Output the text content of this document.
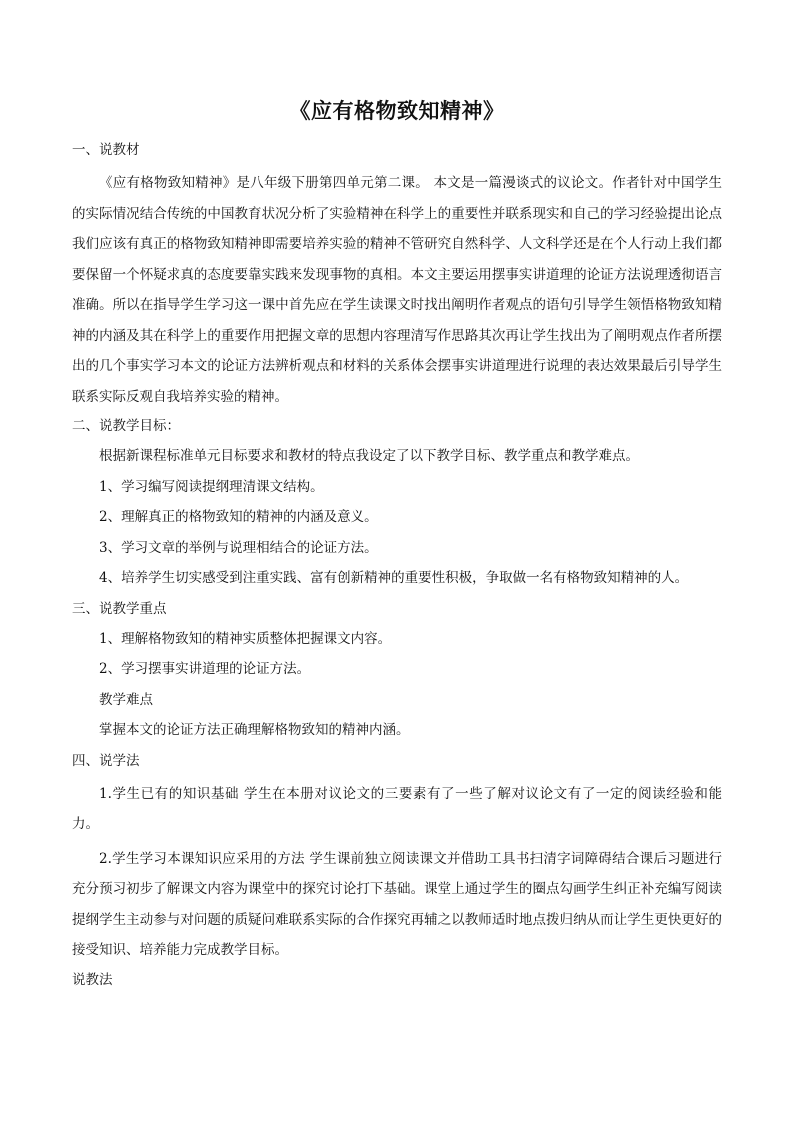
《应有格物致知精神》
一、说教材

《应有格物致知精神》是八年级下册第四单元第二课。 本文是一篇漫谈式的议论文。作者针对中国学生的实际情况结合传统的中国教育状况分析了实验精神在科学上的重要性并联系现实和自己的学习经验提出论点我们应该有真正的格物致知精神即需要培养实验的精神不管研究自然科学、人文科学还是在个人行动上我们都要保留一个怀疑求真的态度要靠实践来发现事物的真相。本文主要运用摆事实讲道理的论证方法说理透彻语言准确。所以在指导学生学习这一课中首先应在学生读课文时找出阐明作者观点的语句引导学生领悟格物致知精神的内涵及其在科学上的重要作用把握文章的思想内容理清写作思路其次再让学生找出为了阐明观点作者所摆出的几个事实学习本文的论证方法辨析观点和材料的关系体会摆事实讲道理进行说理的表达效果最后引导学生联系实际反观自我培养实验的精神。

二、说教学目标：
根据新课程标准单元目标要求和教材的特点我设定了以下教学目标、教学重点和教学难点。
1、学习编写阅读提纲理清课文结构。
2、理解真正的格物致知的精神的内涵及意义。
3、学习文章的举例与说理相结合的论证方法。
4、培养学生切实感受到注重实践、富有创新精神的重要性积极，争取做一名有格物致知精神的人。
三、说教学重点
1、理解格物致知的精神实质整体把握课文内容。
2、学习摆事实讲道理的论证方法。
教学难点
掌握本文的论证方法正确理解格物致知的精神内涵。
四、说学法

1.学生已有的知识基础 学生在本册对议论文的三要素有了一些了解对议论文有了一定的阅读经验和能力。

2.学生学习本课知识应采用的方法 学生课前独立阅读课文并借助工具书扫清字词障碍结合课后习题进行充分预习初步了解课文内容为课堂中的探究讨论打下基础。课堂上通过学生的圈点勾画学生纠正补充编写阅读提纲学生主动参与对问题的质疑问难联系实际的合作探究再辅之以教师适时地点拨归纳从而让学生更快更好的接受知识、培养能力完成教学目标。

说教法
